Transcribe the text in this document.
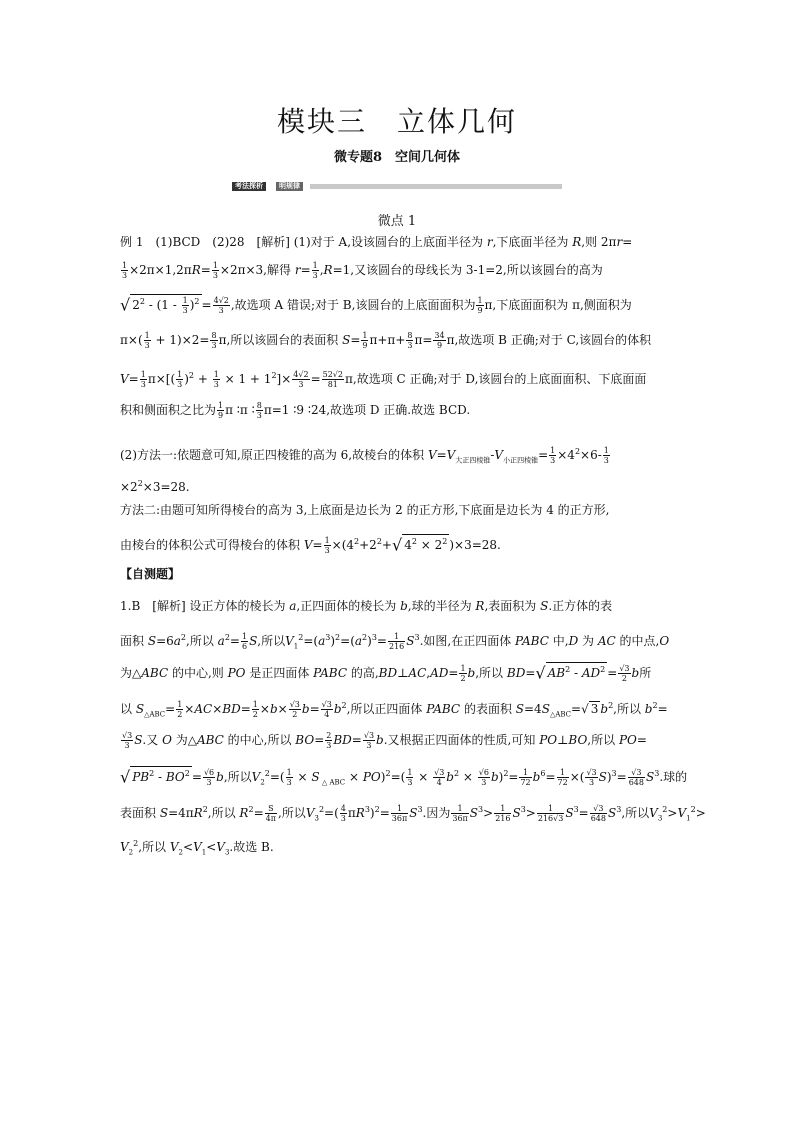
模块三　立体几何
微专题8　空间几何体
考法探析	明规律
微点 1
例 1　(1)BCD　(2)28　[解析] (1)对于 A,设该圆台的上底面半径为 r,下底面半径为 R,则 2πr=
$\frac{1}{3} \times 2\pi\times 1,2\pi R= \frac{1}{3} \times 2\pi\times 3$,解得 $r= \frac{1}{3} ,R=1$,又该圆台的母线长为 3-1=2,所以该圆台的高为
√ $2^2 - (1 - \frac{1}{3} )^2 = \frac{4√2}{3}$ ,故选项 A 错误;对于 B,该圆台的上底面面积为 $\frac{1}{9} \pi$,下底面面积为 π,侧面积为
$\pi\times( \frac{1}{3} + 1)\times 2= \frac{8}{3} \pi$,所以该圆台的表面积 $S= \frac{1}{9} \pi+\pi+ \frac{8}{3} \pi= \frac{34}{9} \pi$,故选项 B 正确;对于 C,该圆台的体积
$V= \frac{1}{3} \pi\times[( \frac{1}{3} )^2 + \frac{1}{3} \times 1 + 1^2]\times \frac{4√2}{3} = \frac{52√2}{81} \pi$,故选项 C 正确;对于 D,该圆台的上底面面积、下底面面
积和侧面积之比为 $\frac{1}{9}$ π ∶π ∶ $\frac{8}{3} \pi=1$ ∶9 ∶24,故选项 D 正确.故选 BCD.
(2)方法一:依题意可知,原正四棱锥的高为 6,故棱台的体积 $V=V_{大正四棱锥}-V_{小正四棱锥}= \frac{1}{3} \times 4^2\times 6- \frac{1}{3}$
$\times 2^2\times 3=28$.
方法二:由题可知所得棱台的高为 3,上底面是边长为 2 的正方形,下底面是边长为 4 的正方形,
由棱台的体积公式可得棱台的体积 $V= \frac{1}{3} \times(4^2+2^2+√$ $4^2 \times 2^2$ )×3=28.
【自测题】
1.B　[解析] 设正方体的棱长为 a,正四面体的棱长为 b,球的半径为 R,表面积为 S.正方体的表
面积 $S=6a^2$,所以 $a^2= \frac{1}{6} S$,所以$V_1^2=(a^3)^2=(a^2)^3= \frac{1}{216} S^3$.如图,在正四面体 PABC 中,D 为 AC 的中点,O
为△ABC 的中心,则 PO 是正四面体 PABC 的高,BD⊥AC,AD= $\frac{1}{2} b$,所以 BD=√ $AB^2 - AD^2 = \frac{√3}{2}$ b所
以 $S_{\triangle ABC}= \frac{1}{2} \times AC\times BD= \frac{1}{2} \times b\times \frac{√3}{2} b= \frac{√3}{4} b^2$,所以正四面体 PABC 的表面积 $S=4S_{\triangle ABC}=√$ 3 $b^2$,所以 $b^2=$
$\frac{√3}{3} S$.又 O 为△ABC 的中心,所以 $BO= \frac{2}{3} BD= \frac{√3}{3} b$.又根据正四面体的性质,可知 PO⊥BO,所以 PO=
√ $PB^2 - BO^2 = \frac{√6}{3} b$,所以$V_2^2=( \frac{1}{3} \times S$ $_{\triangle ABC} \times PO)^2=( \frac{1}{3} \times \frac{√3}{4} b^2 \times \frac{√6}{3} b)^2= \frac{1}{72} b^6= \frac{1}{72}$ ×( $\frac{√3}{3} S)^3= \frac{√3}{648} S^3$.球的
表面积 $S=4\pi R^2$,所以 $R^2= \frac{S}{4\pi}$ ,所以$V_3^2=( \frac{4}{3} \pi R^3)^2= \frac{1}{36\pi} S^3$.因为 $\frac{1}{36\pi} S^3> \frac{1}{216} S^3> \frac{1}{216√3} S^3= \frac{√3}{648} S^3$,所以$V_3^2>V_1^2>$
$V_2^2$,所以 $V_2<V_1<V_3$.故选 B.
